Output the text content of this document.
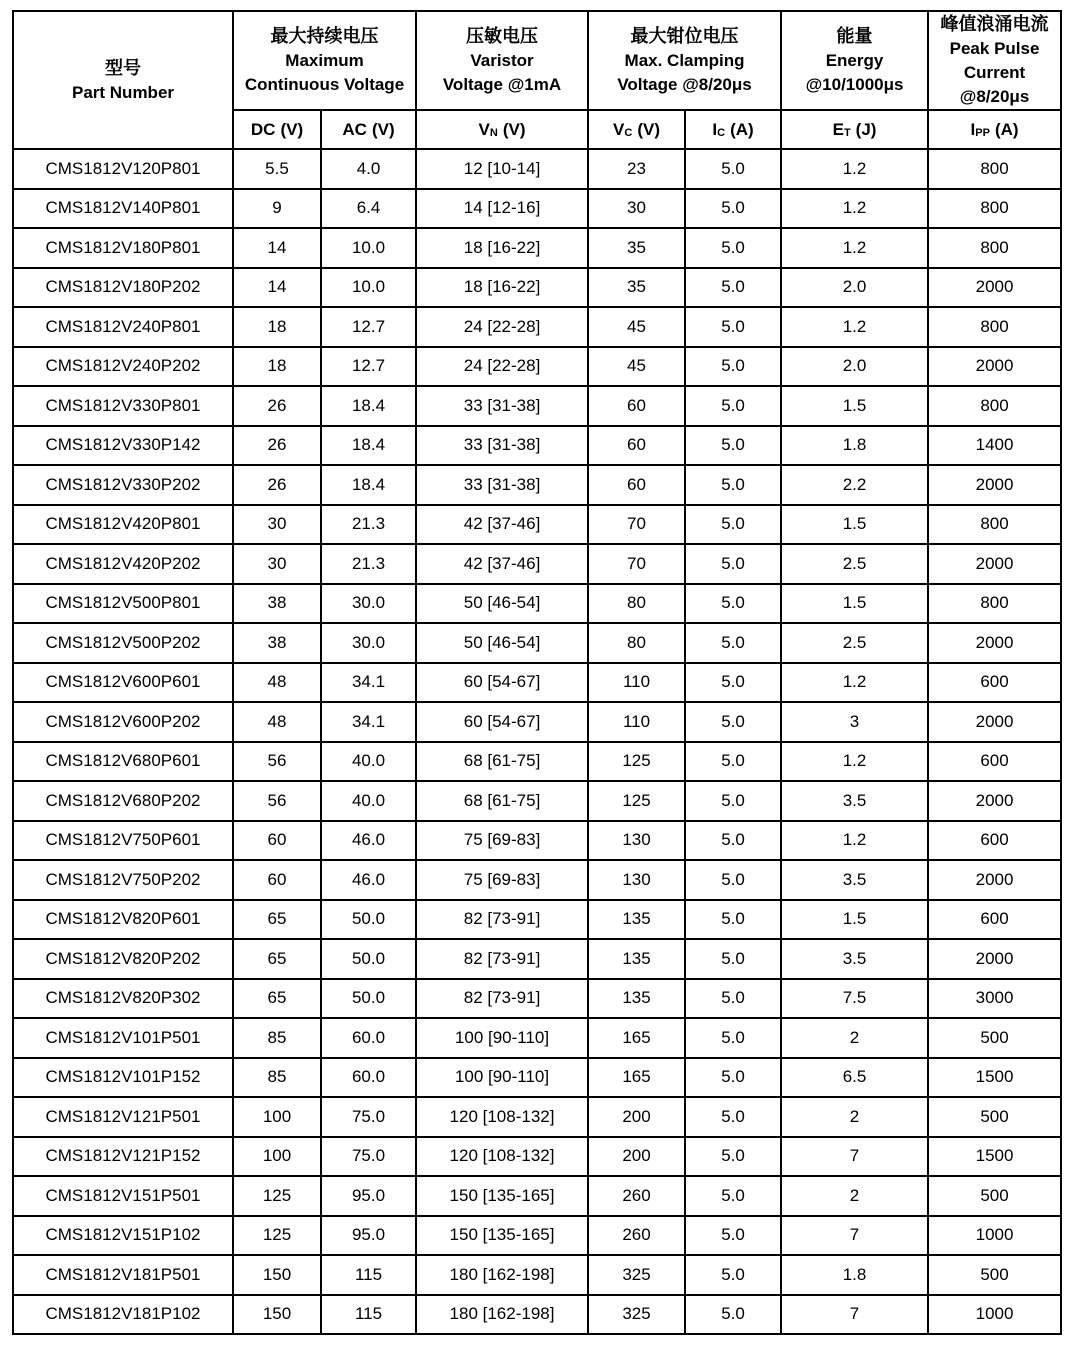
型号
Part Number

最大持续电压
Maximum
Continuous Voltage

压敏电压
Varistor
Voltage @1mA

最大钳位电压
Max. Clamping
Voltage @8/20μs

能量
Energy
@10/1000μs

峰值浪涌电流
Peak Pulse
Current
@8/20μs

	DC (V)	AC (V)	$V_N$ (V)	$V_C$ (V)	$I_C$ (A)	$E_T$ (J)	$I_{PP}$ (A)
CMS1812V120P801	5.5	4.0	12 [10-14]	23	5.0	1.2	800
CMS1812V140P801	9	6.4	14 [12-16]	30	5.0	1.2	800
CMS1812V180P801	14	10.0	18 [16-22]	35	5.0	1.2	800
CMS1812V180P202	14	10.0	18 [16-22]	35	5.0	2.0	2000
CMS1812V240P801	18	12.7	24 [22-28]	45	5.0	1.2	800
CMS1812V240P202	18	12.7	24 [22-28]	45	5.0	2.0	2000
CMS1812V330P801	26	18.4	33 [31-38]	60	5.0	1.5	800
CMS1812V330P142	26	18.4	33 [31-38]	60	5.0	1.8	1400
CMS1812V330P202	26	18.4	33 [31-38]	60	5.0	2.2	2000
CMS1812V420P801	30	21.3	42 [37-46]	70	5.0	1.5	800
CMS1812V420P202	30	21.3	42 [37-46]	70	5.0	2.5	2000
CMS1812V500P801	38	30.0	50 [46-54]	80	5.0	1.5	800
CMS1812V500P202	38	30.0	50 [46-54]	80	5.0	2.5	2000
CMS1812V600P601	48	34.1	60 [54-67]	110	5.0	1.2	600
CMS1812V600P202	48	34.1	60 [54-67]	110	5.0	3	2000
CMS1812V680P601	56	40.0	68 [61-75]	125	5.0	1.2	600
CMS1812V680P202	56	40.0	68 [61-75]	125	5.0	3.5	2000
CMS1812V750P601	60	46.0	75 [69-83]	130	5.0	1.2	600
CMS1812V750P202	60	46.0	75 [69-83]	130	5.0	3.5	2000
CMS1812V820P601	65	50.0	82 [73-91]	135	5.0	1.5	600
CMS1812V820P202	65	50.0	82 [73-91]	135	5.0	3.5	2000
CMS1812V820P302	65	50.0	82 [73-91]	135	5.0	7.5	3000
CMS1812V101P501	85	60.0	100 [90-110]	165	5.0	2	500
CMS1812V101P152	85	60.0	100 [90-110]	165	5.0	6.5	1500
CMS1812V121P501	100	75.0	120 [108-132]	200	5.0	2	500
CMS1812V121P152	100	75.0	120 [108-132]	200	5.0	7	1500
CMS1812V151P501	125	95.0	150 [135-165]	260	5.0	2	500
CMS1812V151P102	125	95.0	150 [135-165]	260	5.0	7	1000
CMS1812V181P501	150	115	180 [162-198]	325	5.0	1.8	500
CMS1812V181P102	150	115	180 [162-198]	325	5.0	7	1000
